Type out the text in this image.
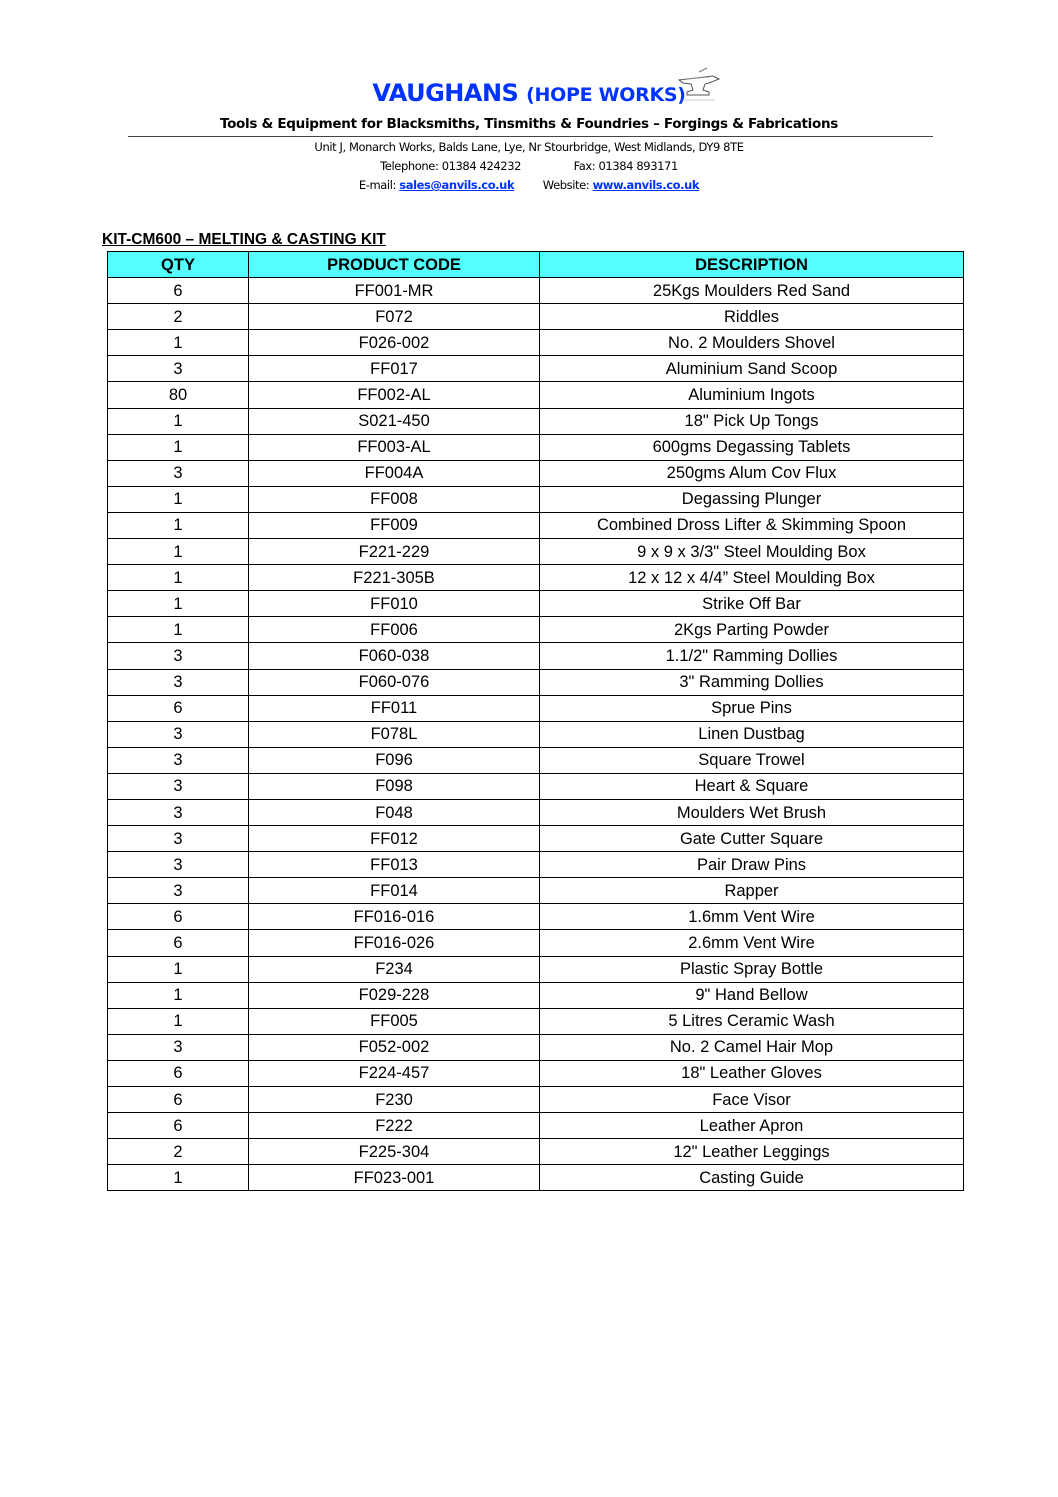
VAUGHANS (HOPE WORKS)
Tools & Equipment for Blacksmiths, Tinsmiths & Foundries – Forgings & Fabrications
Unit J, Monarch Works, Balds Lane, Lye, Nr Stourbridge, West Midlands, DY9 8TE
Telephone: 01384 424232	Fax: 01384 893171
E-mail: sales@anvils.co.uk Website: www.anvils.co.uk
KIT-CM600 – MELTING & CASTING KIT
QTY	PRODUCT CODE	DESCRIPTION
6	FF001-MR	25Kgs Moulders Red Sand
2	F072	Riddles
1	F026-002	No. 2 Moulders Shovel
3	FF017	Aluminium Sand Scoop
80	FF002-AL	Aluminium Ingots
1	S021-450	18" Pick Up Tongs
1	FF003-AL	600gms Degassing Tablets
3	FF004A	250gms Alum Cov Flux
1	FF008	Degassing Plunger
1	FF009	Combined Dross Lifter & Skimming Spoon
1	F221-229	9 x 9 x 3/3" Steel Moulding Box
1	F221-305B	12 x 12 x 4/4” Steel Moulding Box
1	FF010	Strike Off Bar
1	FF006	2Kgs Parting Powder
3	F060-038	1.1/2" Ramming Dollies
3	F060-076	3" Ramming Dollies
6	FF011	Sprue Pins
3	F078L	Linen Dustbag
3	F096	Square Trowel
3	F098	Heart & Square
3	F048	Moulders Wet Brush
3	FF012	Gate Cutter Square
3	FF013	Pair Draw Pins
3	FF014	Rapper
6	FF016-016	1.6mm Vent Wire
6	FF016-026	2.6mm Vent Wire
1	F234	Plastic Spray Bottle
1	F029-228	9" Hand Bellow
1	FF005	5 Litres Ceramic Wash
3	F052-002	No. 2 Camel Hair Mop
6	F224-457	18" Leather Gloves
6	F230	Face Visor
6	F222	Leather Apron
2	F225-304	12" Leather Leggings
1	FF023-001	Casting Guide
